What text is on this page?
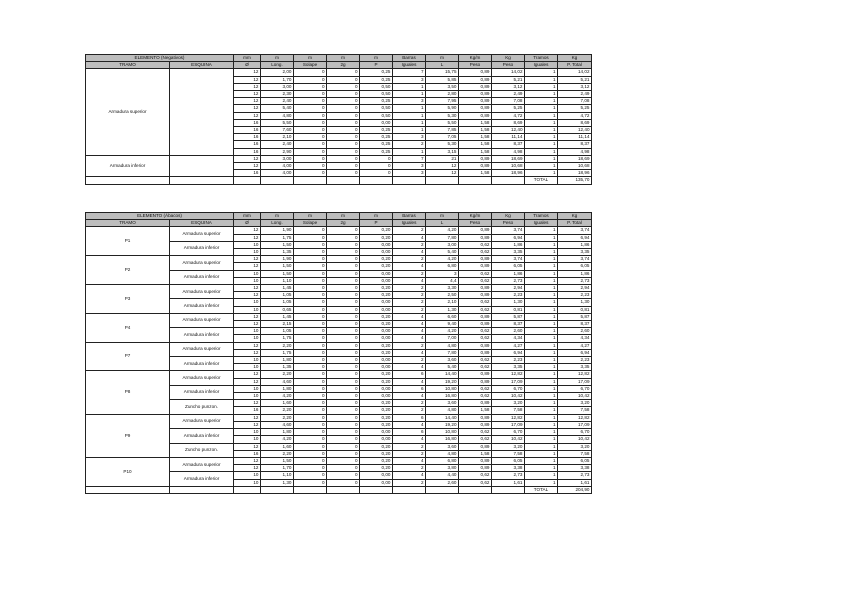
ELEMENTO (Negativos)		mm	m	m	m	m	Barras	m	Kg/m	Kg	Tramos	Kg
TRAMO	ESQUINA	Ø	Long.	Solape	2g	P	Iguales	L	Peso	Peso	Iguales	P. Total
Armadura superior		12	2,00	0	0	0,25	7	15,75	0,89	14,02	1	14,02
		12	1,70	0	0	0,25	3	5,85	0,89	5,21	1	5,21
		12	3,00	0	0	0,50	1	3,50	0,89	3,12	1	3,12
		12	2,30	0	0	0,50	1	2,80	0,89	2,49	1	2,49
		12	2,40	0	0	0,25	3	7,95	0,89	7,08	1	7,08
		12	5,40	0	0	0,50	1	5,90	0,89	5,25	1	5,25
		12	4,80	0	0	0,50	1	5,30	0,89	4,72	1	4,72
		16	5,50	0	0	0,00	1	5,50	1,58	8,69	1	8,69
		16	7,60	0	0	0,25	1	7,85	1,58	12,40	1	12,40
		16	2,10	0	0	0,25	3	7,05	1,58	11,14	1	11,14
		16	2,40	0	0	0,25	2	5,30	1,58	8,37	1	8,37
		16	2,90	0	0	0,25	1	3,15	1,58	4,98	1	4,98
Armadura inferior		12	3,00	0	0	0	7	21	0,89	18,69	1	18,69
		12	4,00	0	0	0	3	12	0,89	10,68	1	10,68
		16	4,00	0	0	0	3	12	1,58	18,96	1	18,96
											TOTAL	135,70
ELEMENTO (Ábacos)		mm	m	m	m	m	Barras	m	Kg/m	Kg	Tramos	Kg
TRAMO	ESQUINA	Ø	Long.	Solape	2g	P	Iguales	L	Peso	Peso	Iguales	P. Total
P1	Armadura superior	12	1,90	0	0	0,20	2	4,20	0,89	3,74	1	3,74
		12	1,75	0	0	0,20	4	7,80	0,89	6,94	1	6,94
	Armadura inferior	10	1,50	0	0	0,00	2	3,00	0,62	1,86	1	1,86
		10	1,35	0	0	0,00	4	5,40	0,62	3,35	1	3,35
P2	Armadura superior	12	1,90	0	0	0,20	2	4,20	0,89	3,74	1	3,74
		12	1,50	0	0	0,20	4	6,80	0,89	6,05	1	6,05
	Armadura inferior	10	1,50	0	0	0,00	2	3	0,62	1,86	1	1,86
		10	1,10	0	0	0,00	4	4,4	0,62	2,73	1	2,73
P3	Armadura superior	12	1,45	0	0	0,20	2	3,30	0,89	2,94	1	2,94
		12	1,05	0	0	0,20	2	2,50	0,89	2,23	1	2,23
	Armadura inferior	10	1,05	0	0	0,00	2	2,10	0,62	1,30	1	1,30
		10	0,65	0	0	0,00	2	1,30	0,62	0,81	1	0,81
P4	Armadura superior	12	1,45	0	0	0,20	4	6,60	0,89	5,87	1	5,87
		12	2,15	0	0	0,20	4	9,40	0,89	8,37	1	8,37
	Armadura inferior	10	1,05	0	0	0,00	4	4,20	0,62	2,60	1	2,60
		10	1,75	0	0	0,00	4	7,00	0,62	4,34	1	4,34
P7	Armadura superior	12	2,20	0	0	0,20	2	4,80	0,89	4,27	1	4,27
		12	1,75	0	0	0,20	4	7,80	0,89	6,94	1	6,94
	Armadura inferior	10	1,80	0	0	0,00	2	3,60	0,62	2,23	1	2,23
		10	1,35	0	0	0,00	4	5,40	0,62	3,35	1	3,35
P8	Armadura superior	12	2,20	0	0	0,20	6	14,40	0,89	12,82	1	12,82
		12	4,60	0	0	0,20	4	19,20	0,89	17,09	1	17,09
	Armadura inferior	10	1,80	0	0	0,00	6	10,80	0,62	6,70	1	6,70
		10	4,20	0	0	0,00	4	16,80	0,62	10,42	1	10,42
	Zuncho punzon.	12	1,60	0	0	0,20	2	3,60	0,89	3,20	1	3,20
		16	2,20	0	0	0,20	2	4,80	1,58	7,58	1	7,58
P9	Armadura superior	12	2,20	0	0	0,20	6	14,40	0,89	12,82	1	12,82
		12	4,60	0	0	0,20	4	19,20	0,89	17,09	1	17,09
	Armadura inferior	10	1,80	0	0	0,00	6	10,80	0,62	6,70	1	6,70
		10	4,20	0	0	0,00	4	16,80	0,62	10,42	1	10,42
	Zuncho punzon.	12	1,60	0	0	0,20	2	3,60	0,89	3,20	1	3,20
		16	2,20	0	0	0,20	2	4,80	1,58	7,58	1	7,58
P10	Armadura superior	12	1,50	0	0	0,20	4	6,80	0,89	6,05	1	6,05
		12	1,70	0	0	0,20	2	3,80	0,89	3,38	1	3,38
	Armadura inferior	10	1,10	0	0	0,00	4	4,40	0,62	2,73	1	2,73
		10	1,30	0	0	0,00	2	2,60	0,62	1,61	1	1,61
											TOTAL	204,90
